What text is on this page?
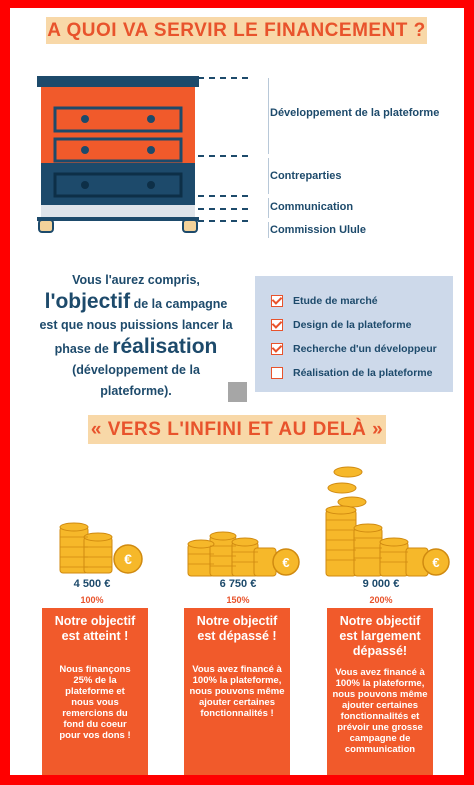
A QUOI VA SERVIR LE FINANCEMENT ?
Développement de la plateforme
Contreparties
Communication
Commission Ulule
Vous l'aurez compris,
l'objectif de la campagne
est que nous puissions lancer la
phase de réalisation
(développement de la
plateforme).
Etude de marché
Design de la plateforme
Recherche d'un développeur
Réalisation de la plateforme
« VERS L'INFINI ET AU DELÀ »
€	€	€
4 500 €	6 750 €	9 000 €
100%	150%	200%
Notre objectif est atteint !
Nous finançons 25% de la plateforme et nous vous remercions du fond du coeur pour vos dons !
Notre objectif est dépassé !
Vous avez financé à 100% la plateforme, nous pouvons même ajouter certaines fonctionnalités !
Notre objectif est largement dépassé!
Vous avez financé à 100% la plateforme, nous pouvons même ajouter certaines fonctionnalités et prévoir une grosse campagne de communication
